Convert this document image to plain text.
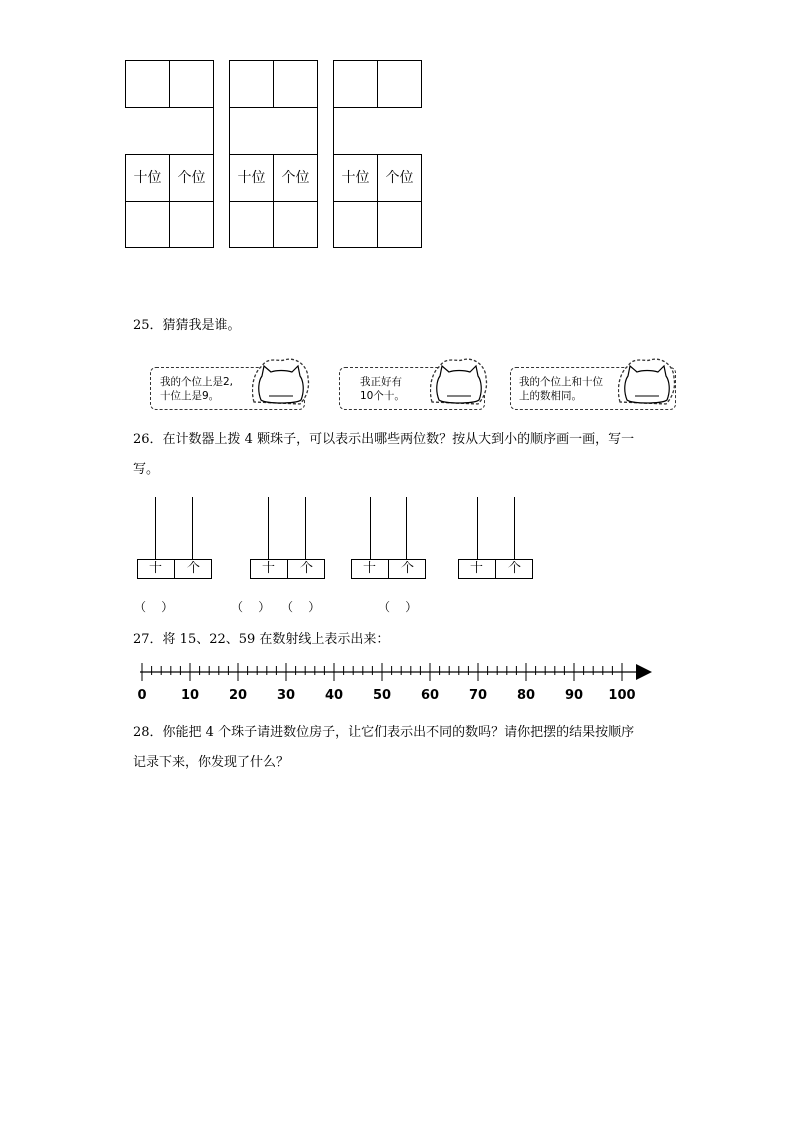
十位	个位	十位	个位	十位	个位
25．猜猜我是谁。
我的个位上是2,
十位上是9。
我正好有
10个十。
我的个位上和十位
上的数相同。
26．在计数器上拨 4 颗珠子，可以表示出哪些两位数？按从大到小的顺序画一画，写一
写。
十	个	十	个	十	个	十	个
（    ）	（    ） （    ）	（    ）
27．将 15、22、59 在数射线上表示出来：
0	10 20 30 40 50 60 70 80 90 100
28．你能把 4 个珠子请进数位房子，让它们表示出不同的数吗？请你把摆的结果按顺序
记录下来，你发现了什么？
